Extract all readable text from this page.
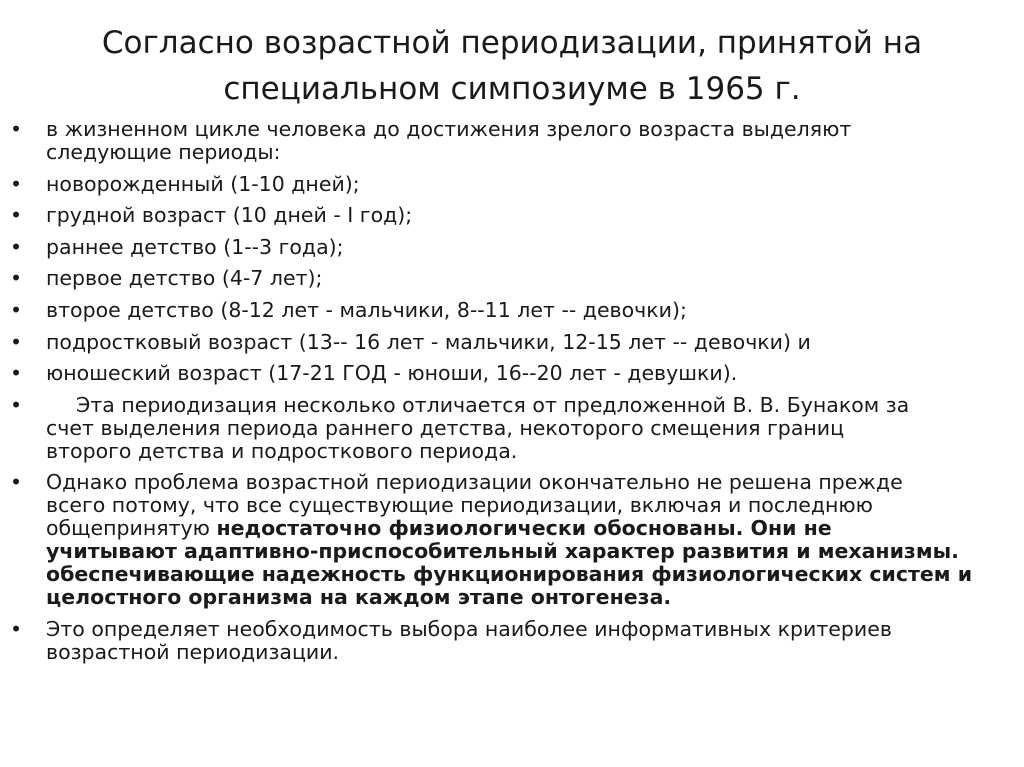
Согласно возрастной периодизации, принятой на
специальном симпозиуме в 1965 г.
• в жизненном цикле человека до достижения зрелого возраста выделяют
следующие периоды:
• новорожденный (1-10 дней);
• грудной возраст (10 дней - I год);
• раннее детство (1--3 года);
• первое детство (4-7 лет);
• второе детство (8-12 лет - мальчики, 8--11 лет -- девочки);
• подростковый возраст (13-- 16 лет - мальчики, 12-15 лет -- девочки) и
• юношеский возраст (17-21 ГОД - юноши, 16--20 лет - девушки).
•	Эта периодизация несколько отличается от предложенной В. В. Бунаком за
счет выделения периода раннего детства, некоторого смещения границ
второго детства и подросткового периода.
• Однако проблема возрастной периодизации окончательно не решена прежде
всего потому, что все существующие периодизации, включая и последнюю
общепринятую недостаточно физиологически обоснованы. Они не
учитывают адаптивно-приспособительный характер развития и механизмы.
обеспечивающие надежность функционирования физиологических систем и
целостного организма на каждом этапе онтогенеза.
• Это определяет необходимость выбора наиболее информативных критериев
возрастной периодизации.
